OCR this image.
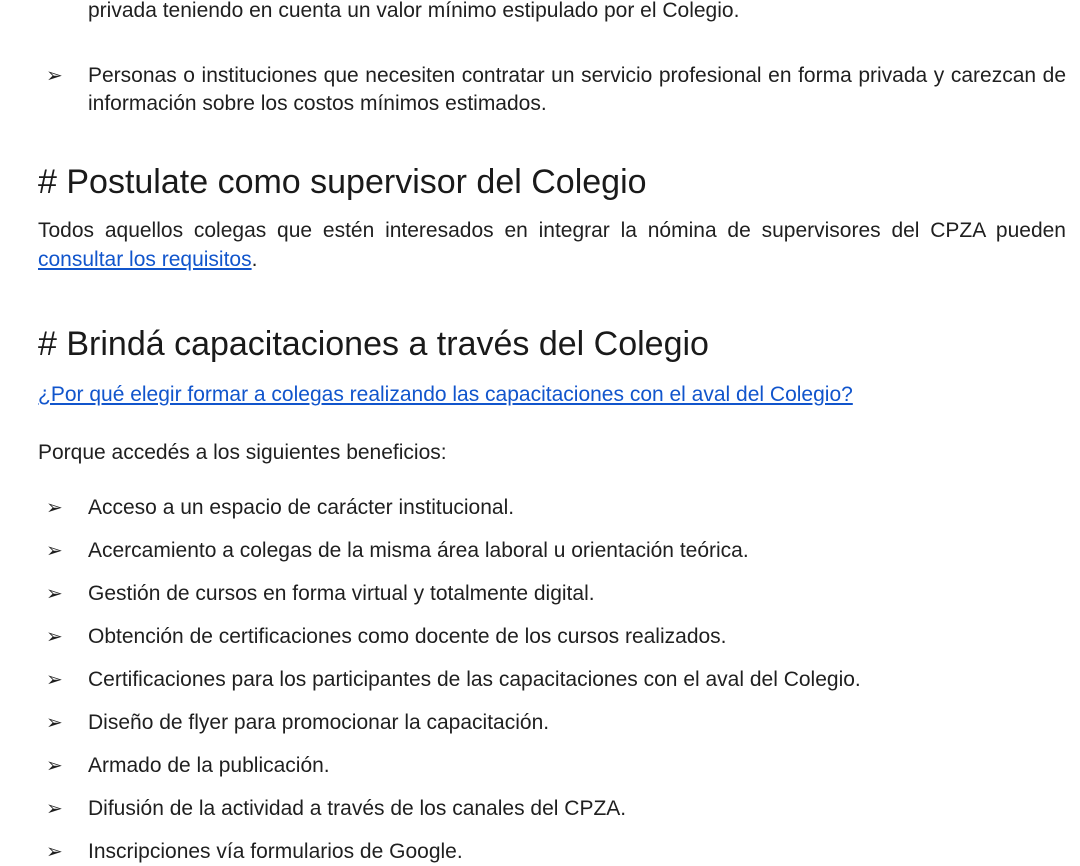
privada teniendo en cuenta un valor mínimo estipulado por el Colegio.
➢	Personas o instituciones que necesiten contratar un servicio profesional en forma privada y carezcan de información sobre los costos mínimos estimados.
# Postulate como supervisor del Colegio

Todos aquellos colegas que estén interesados en integrar la nómina de supervisores del CPZA pueden consultar los requisitos.

# Brindá capacitaciones a través del Colegio

¿Por qué elegir formar a colegas realizando las capacitaciones con el aval del Colegio?

Porque accedés a los siguientes beneficios:

➢	Acceso a un espacio de carácter institucional.
➢	Acercamiento a colegas de la misma área laboral u orientación teórica.
➢	Gestión de cursos en forma virtual y totalmente digital.
➢	Obtención de certificaciones como docente de los cursos realizados.
➢	Certificaciones para los participantes de las capacitaciones con el aval del Colegio.
➢	Diseño de flyer para promocionar la capacitación.
➢	Armado de la publicación.
➢	Difusión de la actividad a través de los canales del CPZA.
➢	Inscripciones vía formularios de Google.
